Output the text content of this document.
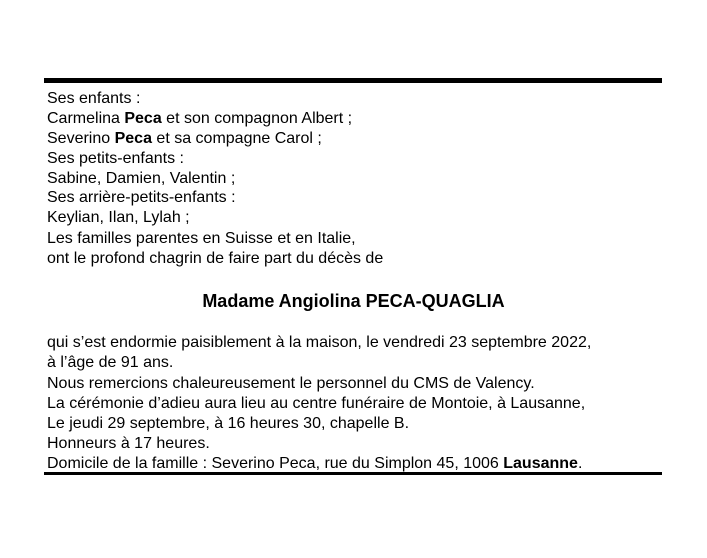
Ses enfants :
Carmelina Peca et son compagnon Albert ;
Severino Peca et sa compagne Carol ;
Ses petits-enfants :
Sabine, Damien, Valentin ;
Ses arrière-petits-enfants :
Keylian, Ilan, Lylah ;
Les familles parentes en Suisse et en Italie,
ont le profond chagrin de faire part du décès de
Madame Angiolina PECA-QUAGLIA
qui s’est endormie paisiblement à la maison, le vendredi 23 septembre 2022,
à l’âge de 91 ans.
Nous remercions chaleureusement le personnel du CMS de Valency.
La cérémonie d’adieu aura lieu au centre funéraire de Montoie, à Lausanne,
Le jeudi 29 septembre, à 16 heures 30, chapelle B.
Honneurs à 17 heures.
Domicile de la famille : Severino Peca, rue du Simplon 45, 1006 Lausanne.
